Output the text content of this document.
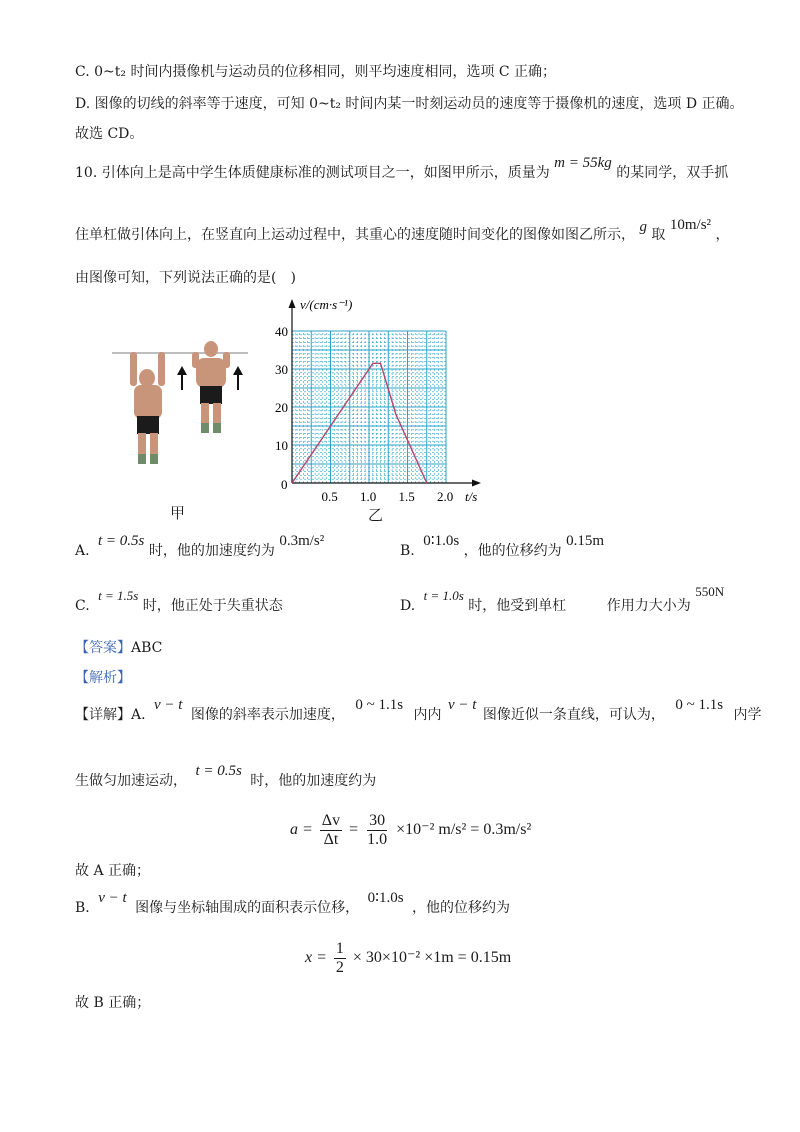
C. 0~t₂ 时间内摄像机与运动员的位移相同，则平均速度相同，选项 C 正确；
D. 图像的切线的斜率等于速度，可知 0~t₂ 时间内某一时刻运动员的速度等于摄像机的速度，选项 D 正确。
故选 CD。
10. 引体向上是高中学生体质健康标准的测试项目之一，如图甲所示，质量为 m = 55kg 的某同学，双手抓
住单杠做引体向上，在竖直向上运动过程中，其重心的速度随时间变化的图像如图乙所示， g 取 10m/s² ，
由图像可知，下列说法正确的是(　)
甲
v/(cm·s⁻¹)
t/s
0
0.5 1.0 1.5 2.0
10
20
30
40
乙
A. t = 0.5s 时，他的加速度约为 0.3m/s²
B. 0∶1.0s ，他的位移约为 0.15m
C. t = 1.5s 时，他正处于失重状态	D. t = 1.0s 时，他受到单杠	作用力大小为 550N
【答案】ABC
【解析】
【详解】A. v − t 图像的斜率表示加速度， 0 ~ 1.1s 内内 v − t 图像近似一条直线，可认为， 0 ~ 1.1s 内学
生做匀加速运动， t = 0.5s 时，他的加速度约为
$a = \frac{\Delta v}{\Delta t} = \frac{30}{1.0} \times 10^{-2}$ m/s² = 0.3m/s²
故 A 正确；
B. v − t 图像与坐标轴围成的面积表示位移， 0∶1.0s ，他的位移约为
$x = \frac{1}{2} \times 30\times 10^{-2} \times 1m = 0.15m$
故 B 正确；
